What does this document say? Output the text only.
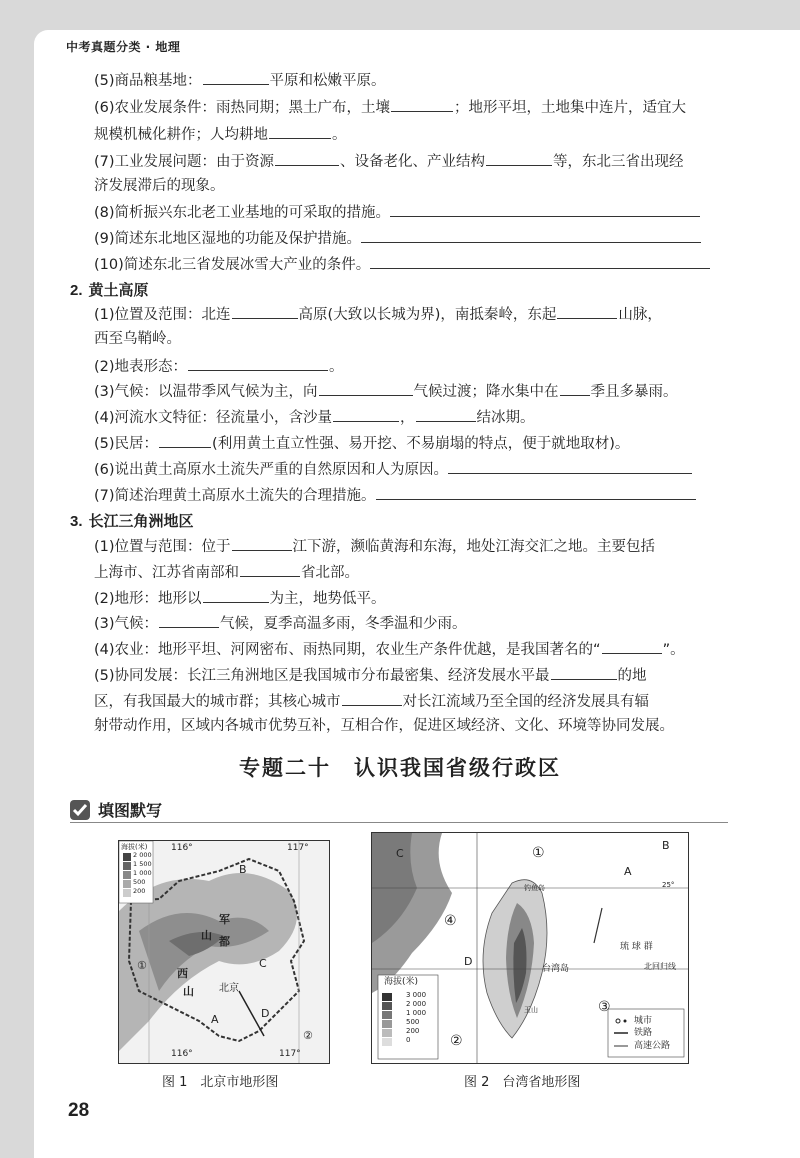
中考真题分类 · 地理
(5)商品粮基地：	平原和松嫩平原。
(6)农业发展条件：雨热同期；黑土广布，土壤	；地形平坦，土地集中连片，适宜大
规模机械化耕作；人均耕地	。
(7)工业发展问题：由于资源	、设备老化、产业结构	等，东北三省出现经
济发展滞后的现象。
(8)简析振兴东北老工业基地的可采取的措施。
(9)简述东北地区湿地的功能及保护措施。
(10)简述东北三省发展冰雪大产业的条件。
2. 黄土高原
(1)位置及范围：北连	高原(大致以长城为界)，南抵秦岭，东起	山脉，
西至乌鞘岭。
(2)地表形态：	。
(3)气候：以温带季风气候为主，向	气候过渡；降水集中在 季且多暴雨。
(4)河流水文特征：径流量小，含沙量	，	结冰期。
(5)民居：	(利用黄土直立性强、易开挖、不易崩塌的特点，便于就地取材)。
(6)说出黄土高原水土流失严重的自然原因和人为原因。
(7)简述治理黄土高原水土流失的合理措施。
3. 长江三角洲地区
(1)位置与范围：位于	江下游，濒临黄海和东海，地处江海交汇之地。主要包括
上海市、江苏省南部和	省北部。
(2)地形：地形以	为主，地势低平。
(3)气候：	气候，夏季高温多雨，冬季温和少雨。
(4)农业：地形平坦、河网密布、雨热同期，农业生产条件优越，是我国著名的“	”。
(5)协同发展：长江三角洲地区是我国城市分布最密集、经济发展水平最	的地
区，有我国最大的城市群；其核心城市	对长江流域乃至全国的经济发展具有辐
射带动作用，区域内各城市优势互补，互相合作，促进区域经济、文化、环境等协同发展。
专题二十　认识我国省级行政区
填图默写
海拔(米)
2 000
1 500
1 000
500
200
116°	117°
116°	117°
B
军
都
山
西
山
C
①
北京
A	D
②
图 1　北京市地形图
C	①	B
A
25°
④
钓鱼岛
琉 球 群
D
台湾岛	北回归线
玉山	③
②
海拔(米)
3 000
2 000
1 000
500
200
0
城市
铁路
高速公路
图 2　台湾省地形图
28
